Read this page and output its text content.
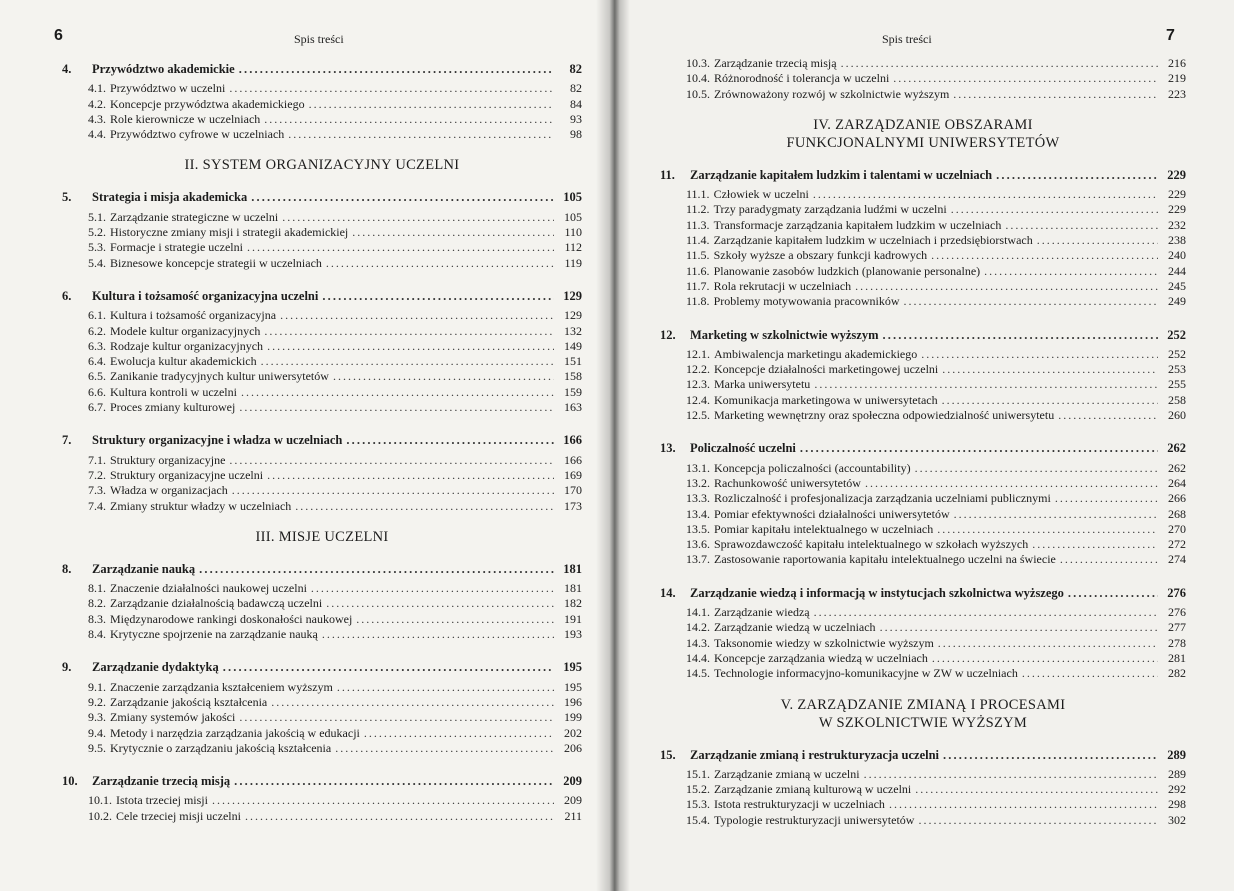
6	Spis treści
4.	Przywództwo akademickie . . .	82
4.1. Przywództwo w uczelni . . .	82
4.2. Koncepcje przywództwa akademickiego . . .	84
4.3. Role kierownicze w uczelniach . . .	93
4.4. Przywództwo cyfrowe w uczelniach . . .	98
II. SYSTEM ORGANIZACYJNY UCZELNI
5.	Strategia i misja akademicka . . .	105
5.1. Zarządzanie strategiczne w uczelni . . .	105
5.2. Historyczne zmiany misji i strategii akademickiej . . .	110
5.3. Formacje i strategie uczelni . . .	112
5.4. Biznesowe koncepcje strategii w uczelniach . . .	119
6.	Kultura i tożsamość organizacyjna uczelni . . .	129
6.1. Kultura i tożsamość organizacyjna . . .	129
6.2. Modele kultur organizacyjnych . . .	132
6.3. Rodzaje kultur organizacyjnych . . .	149
6.4. Ewolucja kultur akademickich . . .	151
6.5. Zanikanie tradycyjnych kultur uniwersytetów . . .	158
6.6. Kultura kontroli w uczelni . . .	159
6.7. Proces zmiany kulturowej . . .	163
7.	Struktury organizacyjne i władza w uczelniach . . .	166
7.1. Struktury organizacyjne . . .	166
7.2. Struktury organizacyjne uczelni . . .	169
7.3. Władza w organizacjach . . .	170
7.4. Zmiany struktur władzy w uczelniach . . .	173
III. MISJE UCZELNI
8.	Zarządzanie nauką . . .	181
8.1. Znaczenie działalności naukowej uczelni . . .	181
8.2. Zarządzanie działalnością badawczą uczelni . . .	182
8.3. Międzynarodowe rankingi doskonałości naukowej . . .	191
8.4. Krytyczne spojrzenie na zarządzanie nauką . . .	193
9.	Zarządzanie dydaktyką . . .	195
9.1. Znaczenie zarządzania kształceniem wyższym . . .	195
9.2. Zarządzanie jakością kształcenia . . .	196
9.3. Zmiany systemów jakości . . .	199
9.4. Metody i narzędzia zarządzania jakością w edukacji . . .	202
9.5. Krytycznie o zarządzaniu jakością kształcenia . . .	206
10.	Zarządzanie trzecią misją . . .	209
10.1. Istota trzeciej misji . . .	209
10.2. Cele trzeciej misji uczelni . . .	211
Spis treści	7
10.3. Zarządzanie trzecią misją . . .	216
10.4. Różnorodność i tolerancja w uczelni . . .	219
10.5. Zrównoważony rozwój w szkolnictwie wyższym . . .	223
IV. ZARZĄDZANIE OBSZARAMI
FUNKCJONALNYMI UNIWERSYTETÓW
11.	Zarządzanie kapitałem ludzkim i talentami w uczelniach . . .	229
11.1. Człowiek w uczelni . . .	229
11.2. Trzy paradygmaty zarządzania ludźmi w uczelni . . .	229
11.3. Transformacje zarządzania kapitałem ludzkim w uczelniach . . .	232
11.4. Zarządzanie kapitałem ludzkim w uczelniach i przedsiębiorstwach . . .	238
11.5. Szkoły wyższe a obszary funkcji kadrowych . . .	240
11.6. Planowanie zasobów ludzkich (planowanie personalne) . . .	244
11.7. Rola rekrutacji w uczelniach . . .	245
11.8. Problemy motywowania pracowników . . .	249
12.	Marketing w szkolnictwie wyższym . . .	252
12.1. Ambiwalencja marketingu akademickiego . . .	252
12.2. Koncepcje działalności marketingowej uczelni . . .	253
12.3. Marka uniwersytetu . . .	255
12.4. Komunikacja marketingowa w uniwersytetach . . .	258
12.5. Marketing wewnętrzny oraz społeczna odpowiedzialność uniwersytetu . . .	260
13.	Policzalność uczelni . . .	262
13.1. Koncepcja policzalności (accountability) . . .	262
13.2. Rachunkowość uniwersytetów . . .	264
13.3. Rozliczalność i profesjonalizacja zarządzania uczelniami publicznymi . . .	266
13.4. Pomiar efektywności działalności uniwersytetów . . .	268
13.5. Pomiar kapitału intelektualnego w uczelniach . . .	270
13.6. Sprawozdawczość kapitału intelektualnego w szkołach wyższych . . .	272
13.7. Zastosowanie raportowania kapitału intelektualnego uczelni na świecie . . .	274
14.	Zarządzanie wiedzą i informacją w instytucjach szkolnictwa wyższego . . .	276
14.1. Zarządzanie wiedzą . . .	276
14.2. Zarządzanie wiedzą w uczelniach . . .	277
14.3. Taksonomie wiedzy w szkolnictwie wyższym . . .	278
14.4. Koncepcje zarządzania wiedzą w uczelniach . . .	281
14.5. Technologie informacyjno-komunikacyjne w ZW w uczelniach . . .	282
V. ZARZĄDZANIE ZMIANĄ I PROCESAMI
W SZKOLNICTWIE WYŻSZYM
15.	Zarządzanie zmianą i restrukturyzacja uczelni . . .	289
15.1. Zarządzanie zmianą w uczelni . . .	289
15.2. Zarządzanie zmianą kulturową w uczelni . . .	292
15.3. Istota restrukturyzacji w uczelniach . . .	298
15.4. Typologie restrukturyzacji uniwersytetów . . .	302
